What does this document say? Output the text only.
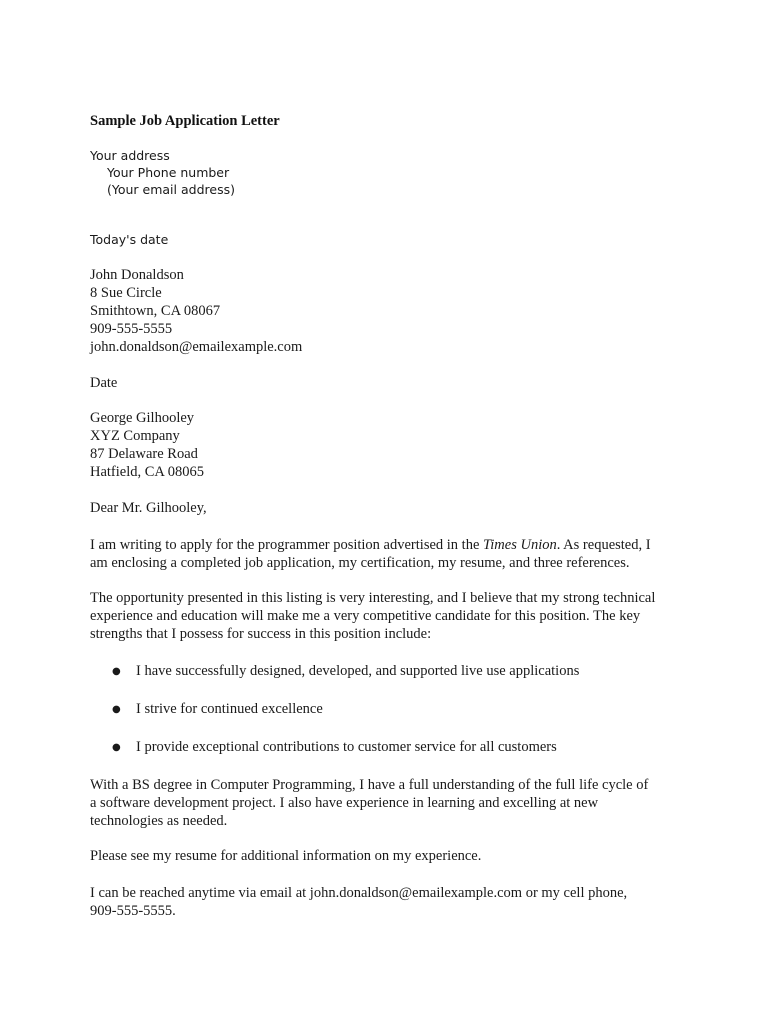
Sample Job Application Letter
Your address
Your Phone number
(Your email address)
Today's date
John Donaldson
8 Sue Circle
Smithtown, CA 08067
909-555-5555
john.donaldson@emailexample.com
Date
George Gilhooley
XYZ Company
87 Delaware Road
Hatfield, CA 08065
Dear Mr. Gilhooley,
I am writing to apply for the programmer position advertised in the Times Union. As requested, I
am enclosing a completed job application, my certification, my resume, and three references.
The opportunity presented in this listing is very interesting, and I believe that my strong technical
experience and education will make me a very competitive candidate for this position. The key
strengths that I possess for success in this position include:
● I have successfully designed, developed, and supported live use applications
● I strive for continued excellence
● I provide exceptional contributions to customer service for all customers
With a BS degree in Computer Programming, I have a full understanding of the full life cycle of
a software development project. I also have experience in learning and excelling at new
technologies as needed.
Please see my resume for additional information on my experience.
I can be reached anytime via email at john.donaldson@emailexample.com or my cell phone,
909-555-5555.
